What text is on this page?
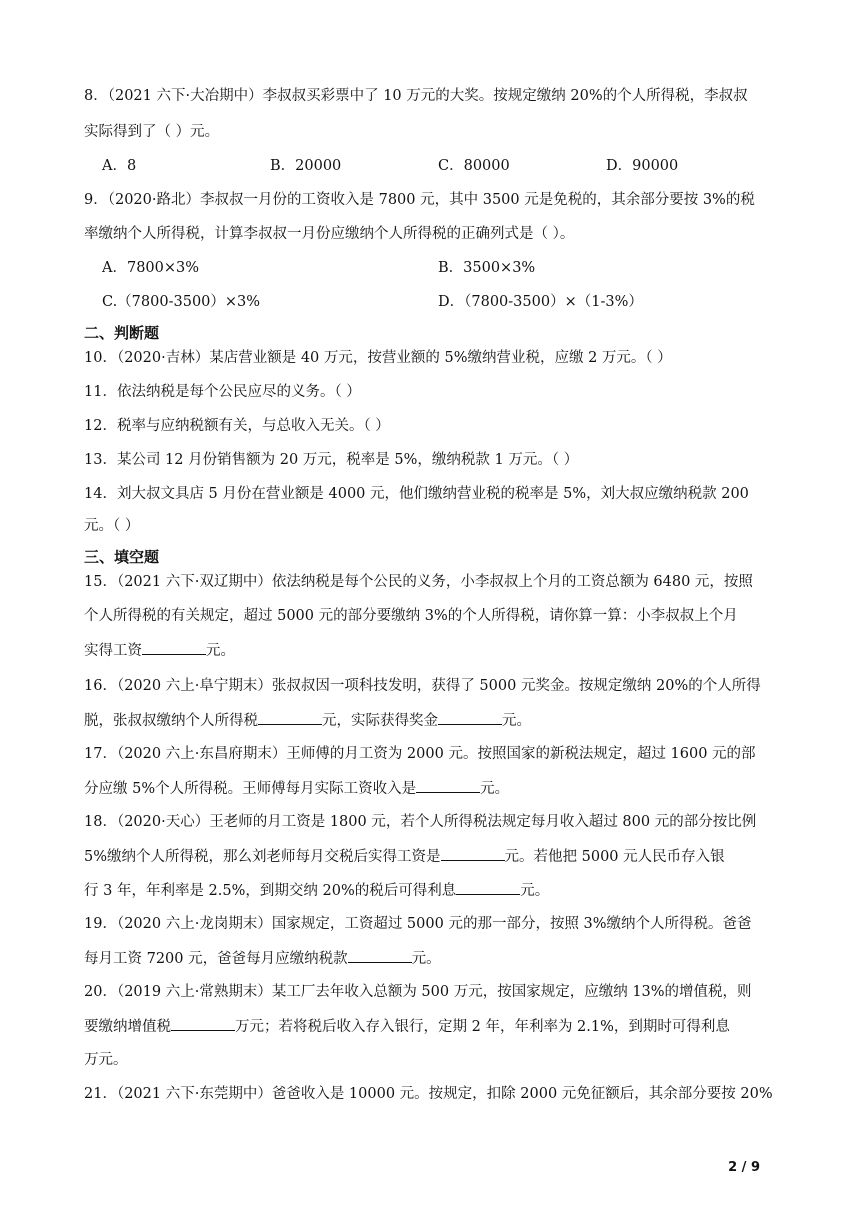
8．（2021 六下·大冶期中）李叔叔买彩票中了 10 万元的大奖。按规定缴纳 20%的个人所得税，李叔叔
实际得到了（ ）元。
A．8	B．20000	C．80000	D．90000
9．（2020·路北）李叔叔一月份的工资收入是 7800 元，其中 3500 元是免税的，其余部分要按 3%的税
率缴纳个人所得税，计算李叔叔一月份应缴纳个人所得税的正确列式是（ ）。
A．7800×3%	B．3500×3%
C.（7800-3500）×3%	D．（7800-3500）×（1-3%）
二、判断题
10．（2020·吉林）某店营业额是 40 万元，按营业额的 5%缴纳营业税，应缴 2 万元。（ ）
11．依法纳税是每个公民应尽的义务。（ ）
12．税率与应纳税额有关，与总收入无关。（ ）
13．某公司 12 月份销售额为 20 万元，税率是 5%，缴纳税款 1 万元。（ ）
14．刘大叔文具店 5 月份在营业额是 4000 元，他们缴纳营业税的税率是 5%，刘大叔应缴纳税款 200
元。（ ）
三、填空题
15．（2021 六下·双辽期中）依法纳税是每个公民的义务，小李叔叔上个月的工资总额为 6480 元，按照
个人所得税的有关规定，超过 5000 元的部分要缴纳 3%的个人所得税，请你算一算：小李叔叔上个月
实得工资	元。
16．（2020 六上·阜宁期末）张叔叔因一项科技发明，获得了 5000 元奖金。按规定缴纳 20%的个人所得
脱，张叔叔缴纳个人所得税	元，实际获得奖金	元。
17．（2020 六上·东昌府期末）王师傅的月工资为 2000 元。按照国家的新税法规定，超过 1600 元的部
分应缴 5%个人所得税。王师傅每月实际工资收入是	元。
18．（2020·天心）王老师的月工资是 1800 元，若个人所得税法规定每月收入超过 800 元的部分按比例
5%缴纳个人所得税，那么刘老师每月交税后实得工资是	元。若他把 5000 元人民币存入银
行 3 年，年利率是 2.5%，到期交纳 20%的税后可得利息	元。
19．（2020 六上·龙岗期末）国家规定，工资超过 5000 元的那一部分，按照 3%缴纳个人所得税。爸爸
每月工资 7200 元，爸爸每月应缴纳税款	元。
20．（2019 六上·常熟期末）某工厂去年收入总额为 500 万元，按国家规定，应缴纳 13%的增值税，则
要缴纳增值税	万元；若将税后收入存入银行，定期 2 年，年利率为 2.1%，到期时可得利息
万元。
21．（2021 六下·东莞期中）爸爸收入是 10000 元。按规定，扣除 2000 元免征额后，其余部分要按 20%
2 / 9
